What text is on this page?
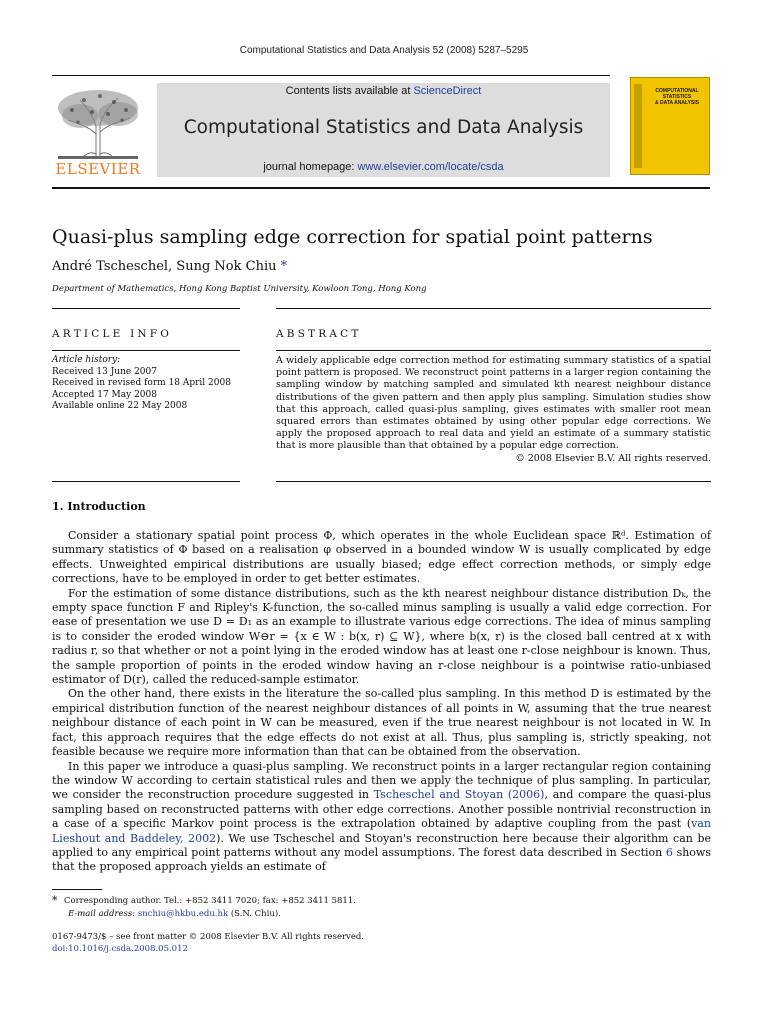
Computational Statistics and Data Analysis 52 (2008) 5287–5295
ELSEVIER
Contents lists available at ScienceDirect
Computational Statistics and Data Analysis
journal homepage: www.elsevier.com/locate/csda
COMPUTATIONAL
STATISTICS
& DATA ANALYSIS
Quasi-plus sampling edge correction for spatial point patterns
André Tscheschel, Sung Nok Chiu *
Department of Mathematics, Hong Kong Baptist University, Kowloon Tong, Hong Kong
ARTICLE INFO	ABSTRACT
Article history:
Received 13 June 2007
Received in revised form 18 April 2008
Accepted 17 May 2008
Available online 22 May 2008
A widely applicable edge correction method for estimating summary statistics of a spatial point pattern is proposed. We reconstruct point patterns in a larger region containing the sampling window by matching sampled and simulated kth nearest neighbour distance distributions of the given pattern and then apply plus sampling. Simulation studies show that this approach, called quasi-plus sampling, gives estimates with smaller root mean squared errors than estimates obtained by using other popular edge corrections. We apply the proposed approach to real data and yield an estimate of a summary statistic that is more plausible than that obtained by a popular edge correction.
© 2008 Elsevier B.V. All rights reserved.
1. Introduction

Consider a stationary spatial point process Φ, which operates in the whole Euclidean space ℝᵈ. Estimation of summary statistics of Φ based on a realisation φ observed in a bounded window W is usually complicated by edge effects. Unweighted empirical distributions are usually biased; edge effect correction methods, or simply edge corrections, have to be employed in order to get better estimates.

For the estimation of some distance distributions, such as the kth nearest neighbour distance distribution Dₖ, the empty space function F and Ripley's K-function, the so-called minus sampling is usually a valid edge correction. For ease of presentation we use D = D₁ as an example to illustrate various edge corrections. The idea of minus sampling is to consider the eroded window W⊖r = {x ∈ W : b(x, r) ⊆ W}, where b(x, r) is the closed ball centred at x with radius r, so that whether or not a point lying in the eroded window has at least one r-close neighbour is known. Thus, the sample proportion of points in the eroded window having an r-close neighbour is a pointwise ratio-unbiased estimator of D(r), called the reduced-sample estimator.

On the other hand, there exists in the literature the so-called plus sampling. In this method D is estimated by the empirical distribution function of the nearest neighbour distances of all points in W, assuming that the true nearest neighbour distance of each point in W can be measured, even if the true nearest neighbour is not located in W. In fact, this approach requires that the edge effects do not exist at all. Thus, plus sampling is, strictly speaking, not feasible because we require more information than that can be obtained from the observation.

In this paper we introduce a quasi-plus sampling. We reconstruct points in a larger rectangular region containing the window W according to certain statistical rules and then we apply the technique of plus sampling. In particular, we consider the reconstruction procedure suggested in Tscheschel and Stoyan (2006), and compare the quasi-plus sampling based on reconstructed patterns with other edge corrections. Another possible nontrivial reconstruction in a case of a specific Markov point process is the extrapolation obtained by adaptive coupling from the past (van Lieshout and Baddeley, 2002). We use Tscheschel and Stoyan's reconstruction here because their algorithm can be applied to any empirical point patterns without any model assumptions. The forest data described in Section 6 shows that the proposed approach yields an estimate of

* Corresponding author. Tel.: +852 3411 7020; fax: +852 3411 5811.
E-mail address: snchiu@hkbu.edu.hk (S.N. Chiu).
0167-9473/$ – see front matter © 2008 Elsevier B.V. All rights reserved.
doi:10.1016/j.csda.2008.05.012
